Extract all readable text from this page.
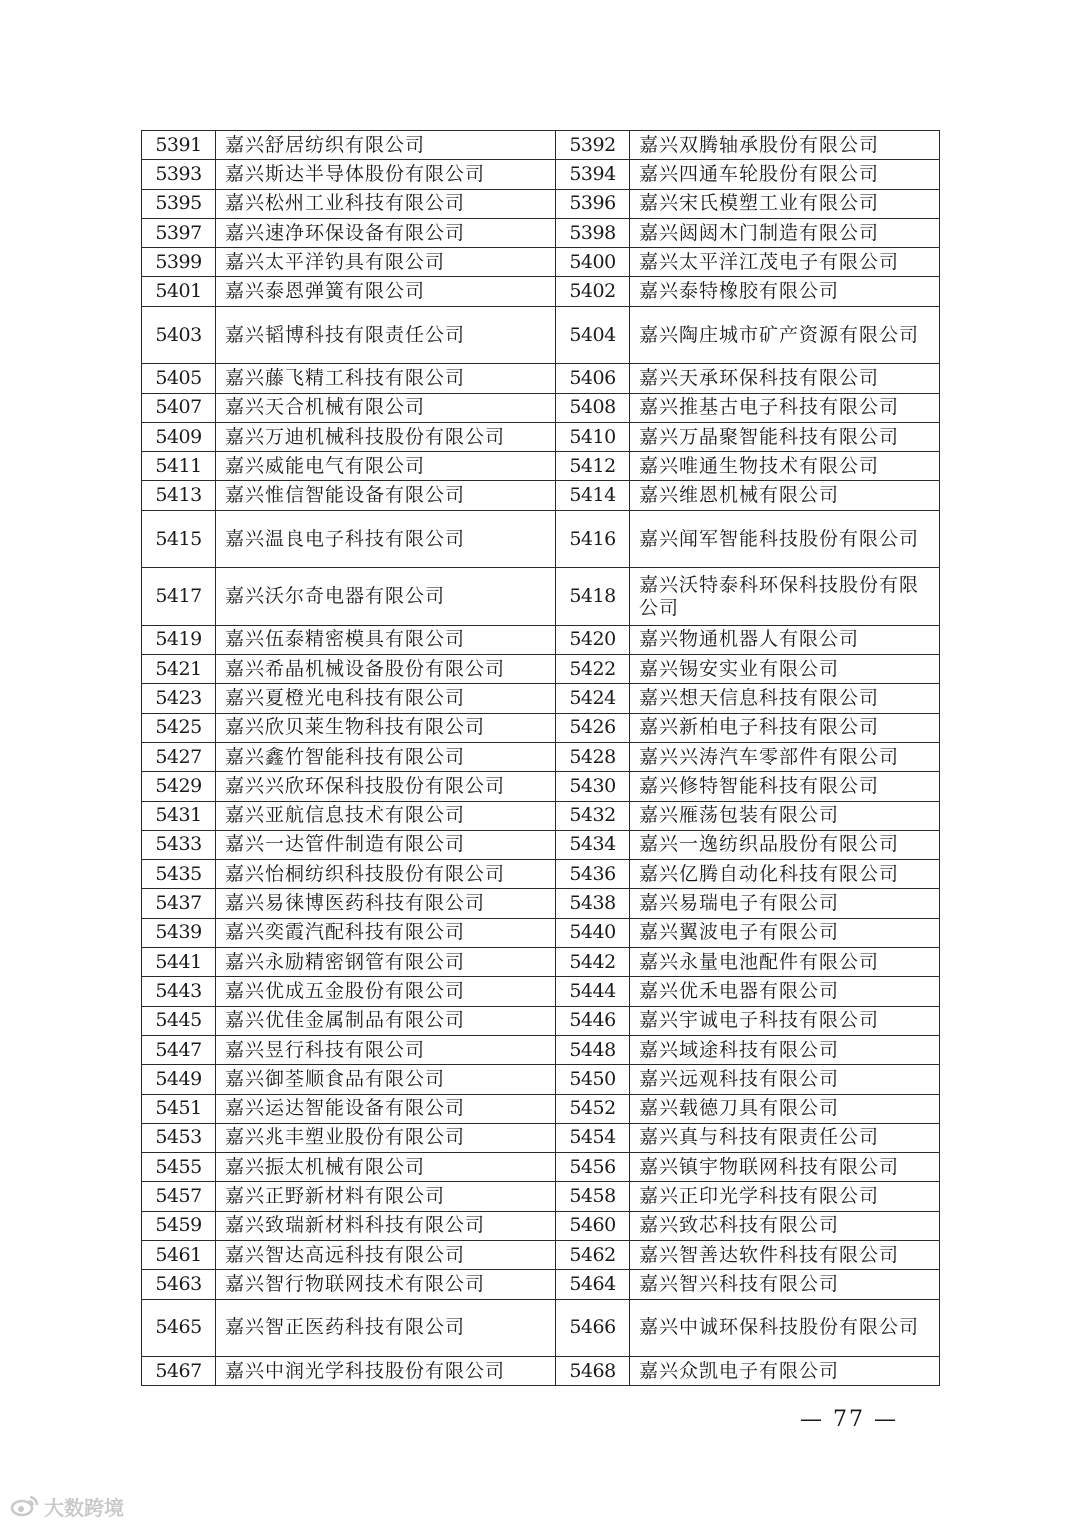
5391	嘉兴舒居纺织有限公司	5392	嘉兴双腾轴承股份有限公司
5393	嘉兴斯达半导体股份有限公司	5394	嘉兴四通车轮股份有限公司
5395	嘉兴松州工业科技有限公司	5396	嘉兴宋氏模塑工业有限公司
5397	嘉兴速净环保设备有限公司	5398	嘉兴闼闼木门制造有限公司
5399	嘉兴太平洋钓具有限公司	5400	嘉兴太平洋江茂电子有限公司
5401	嘉兴泰恩弹簧有限公司	5402	嘉兴泰特橡胶有限公司
5403	嘉兴韬博科技有限责任公司	5404	嘉兴陶庄城市矿产资源有限公司
5405	嘉兴藤飞精工科技有限公司	5406	嘉兴天承环保科技有限公司
5407	嘉兴天合机械有限公司	5408	嘉兴推基古电子科技有限公司
5409	嘉兴万迪机械科技股份有限公司	5410	嘉兴万晶聚智能科技有限公司
5411	嘉兴威能电气有限公司	5412	嘉兴唯通生物技术有限公司
5413	嘉兴惟信智能设备有限公司	5414	嘉兴维恩机械有限公司
5415	嘉兴温良电子科技有限公司	5416	嘉兴闻军智能科技股份有限公司
5417	嘉兴沃尔奇电器有限公司	5418	嘉兴沃特泰科环保科技股份有限公司
5419	嘉兴伍泰精密模具有限公司	5420	嘉兴物通机器人有限公司
5421	嘉兴希晶机械设备股份有限公司	5422	嘉兴锡安实业有限公司
5423	嘉兴夏橙光电科技有限公司	5424	嘉兴想天信息科技有限公司
5425	嘉兴欣贝莱生物科技有限公司	5426	嘉兴新柏电子科技有限公司
5427	嘉兴鑫竹智能科技有限公司	5428	嘉兴兴涛汽车零部件有限公司
5429	嘉兴兴欣环保科技股份有限公司	5430	嘉兴修特智能科技有限公司
5431	嘉兴亚航信息技术有限公司	5432	嘉兴雁荡包装有限公司
5433	嘉兴一达管件制造有限公司	5434	嘉兴一逸纺织品股份有限公司
5435	嘉兴怡桐纺织科技股份有限公司	5436	嘉兴亿腾自动化科技有限公司
5437	嘉兴易徕博医药科技有限公司	5438	嘉兴易瑞电子有限公司
5439	嘉兴奕霞汽配科技有限公司	5440	嘉兴翼波电子有限公司
5441	嘉兴永励精密钢管有限公司	5442	嘉兴永量电池配件有限公司
5443	嘉兴优成五金股份有限公司	5444	嘉兴优禾电器有限公司
5445	嘉兴优佳金属制品有限公司	5446	嘉兴宇诚电子科技有限公司
5447	嘉兴昱行科技有限公司	5448	嘉兴域途科技有限公司
5449	嘉兴御荃顺食品有限公司	5450	嘉兴远观科技有限公司
5451	嘉兴运达智能设备有限公司	5452	嘉兴载德刀具有限公司
5453	嘉兴兆丰塑业股份有限公司	5454	嘉兴真与科技有限责任公司
5455	嘉兴振太机械有限公司	5456	嘉兴镇宇物联网科技有限公司
5457	嘉兴正野新材料有限公司	5458	嘉兴正印光学科技有限公司
5459	嘉兴致瑞新材料科技有限公司	5460	嘉兴致芯科技有限公司
5461	嘉兴智达高远科技有限公司	5462	嘉兴智善达软件科技有限公司
5463	嘉兴智行物联网技术有限公司	5464	嘉兴智兴科技有限公司
5465	嘉兴智正医药科技有限公司	5466	嘉兴中诚环保科技股份有限公司
5467	嘉兴中润光学科技股份有限公司	5468	嘉兴众凯电子有限公司
— 77 —
大数跨境
